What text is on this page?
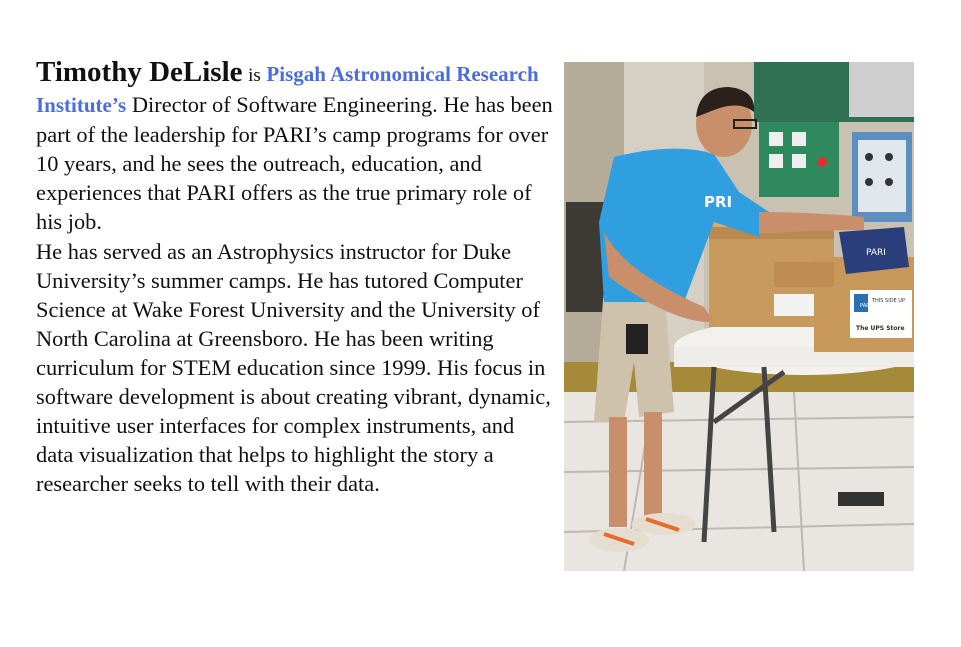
Timothy DeLisle is Pisgah Astronomical Research Institute’s Director of Software Engineering. He has been part of the leadership for PARI’s camp programs for over 10 years, and he sees the outreach, education, and experiences that PARI offers as the true primary role of his job.

He has served as an Astrophysics instructor for Duke University’s summer camps. He has tutored Computer Science at Wake Forest University and the University of North Carolina at Greensboro. He has been writing curriculum for STEM education since 1999. His focus in software development is about creating vibrant, dynamic, intuitive user interfaces for complex instruments, and data visualization that helps to highlight the story a researcher seeks to tell with their data.

THIS SIDE UP
PARI
The UPS Store
PARI
PRI
